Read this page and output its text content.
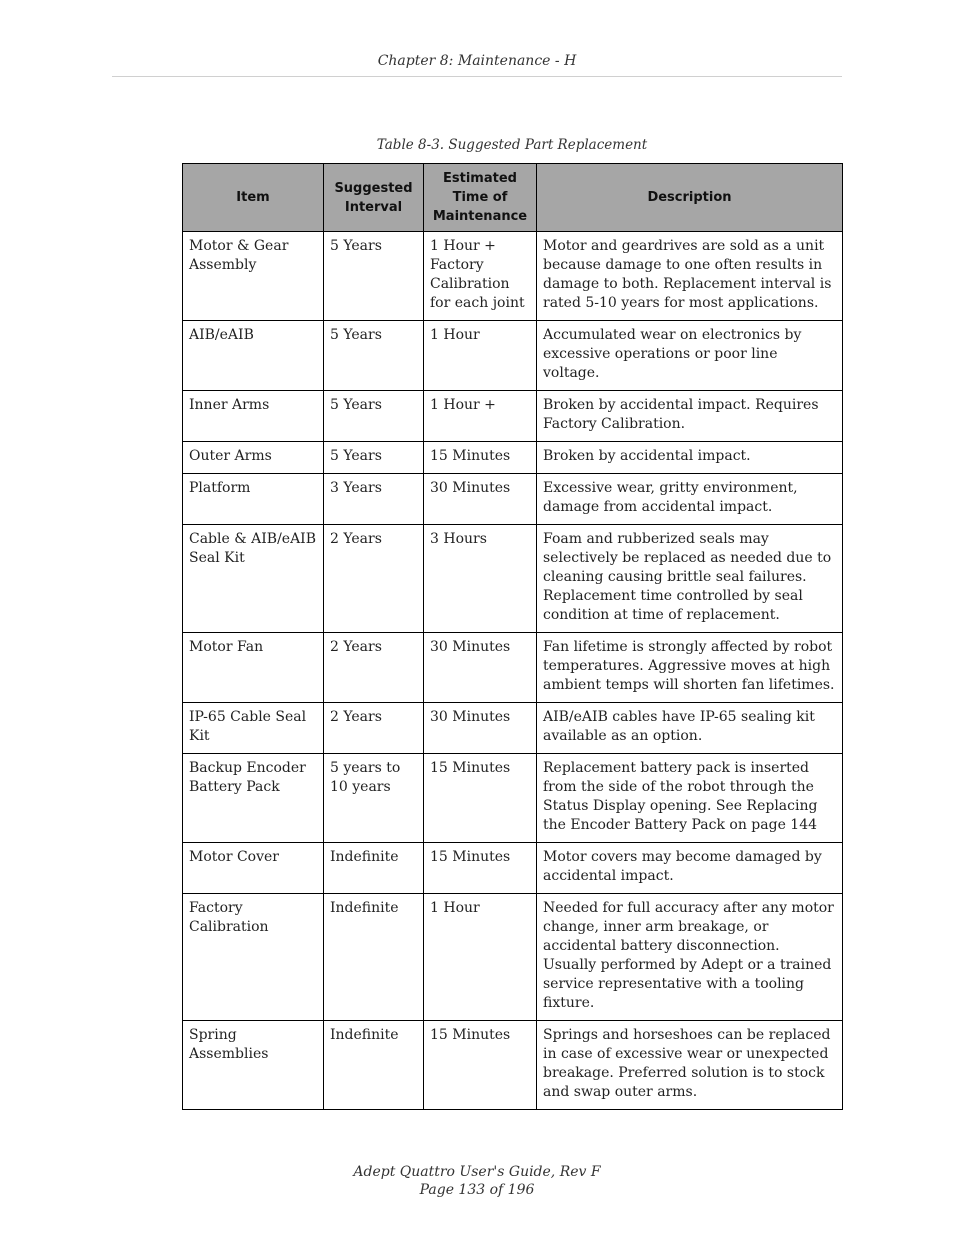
Chapter 8: Maintenance - H
Table 8-3. Suggested Part Replacement
Item	Suggested Interval	Estimated Time of Maintenance	Description
Motor & Gear Assembly	5 Years	1 Hour + Factory Calibration for each joint	Motor and geardrives are sold as a unit because damage to one often results in damage to both. Replacement interval is rated 5-10 years for most applications.
AIB/eAIB	5 Years	1 Hour	Accumulated wear on electronics by excessive operations or poor line voltage.
Inner Arms	5 Years	1 Hour +	Broken by accidental impact. Requires Factory Calibration.
Outer Arms	5 Years	15 Minutes	Broken by accidental impact.
Platform	3 Years	30 Minutes	Excessive wear, gritty environment, damage from accidental impact.
Cable & AIB/eAIB Seal Kit	2 Years	3 Hours	Foam and rubberized seals may selectively be replaced as needed due to cleaning causing brittle seal failures. Replacement time controlled by seal condition at time of replacement.
Motor Fan	2 Years	30 Minutes	Fan lifetime is strongly affected by robot temperatures. Aggressive moves at high ambient temps will shorten fan lifetimes.
IP-65 Cable Seal Kit	2 Years	30 Minutes	AIB/eAIB cables have IP-65 sealing kit available as an option.
Backup Encoder Battery Pack	5 years to 10 years	15 Minutes	Replacement battery pack is inserted from the side of the robot through the Status Display opening. See Replacing the Encoder Battery Pack on page 144
Motor Cover	Indefinite	15 Minutes	Motor covers may become damaged by accidental impact.
Factory Calibration	Indefinite	1 Hour	Needed for full accuracy after any motor change, inner arm breakage, or accidental battery disconnection. Usually performed by Adept or a trained service representative with a tooling fixture.
Spring Assemblies	Indefinite	15 Minutes	Springs and horseshoes can be replaced in case of excessive wear or unexpected breakage. Preferred solution is to stock and swap outer arms.
Adept Quattro User's Guide, Rev F
Page 133 of 196
